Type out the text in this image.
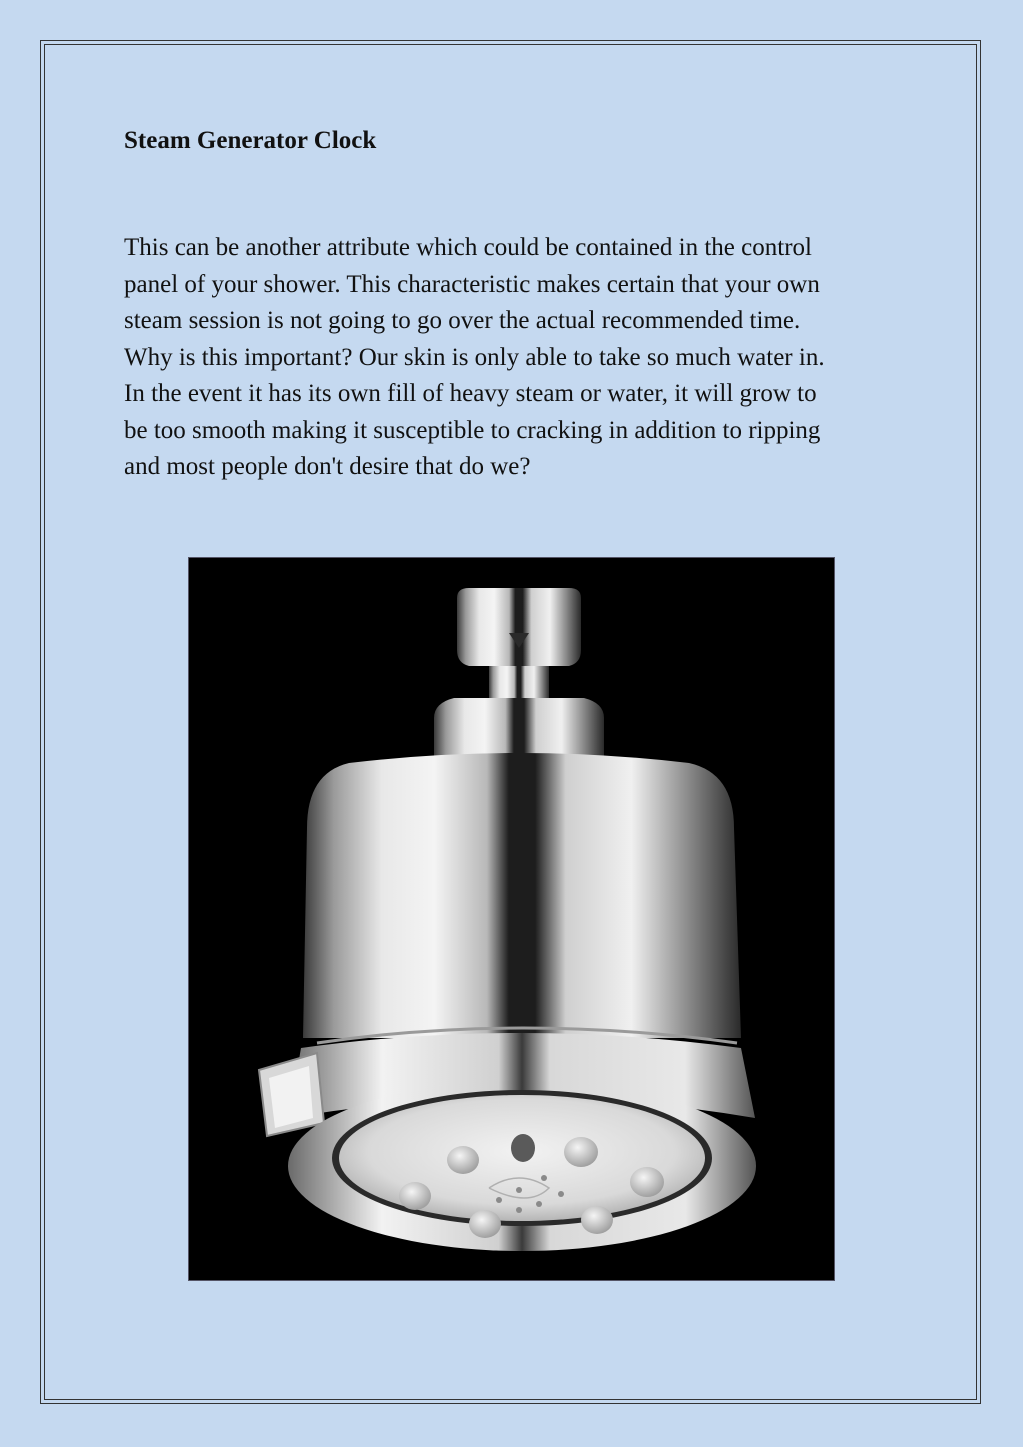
Steam Generator Clock

This can be another attribute which could be contained in the control
panel of your shower. This characteristic makes certain that your own
steam session is not going to go over the actual recommended time.
Why is this important? Our skin is only able to take so much water in.
In the event it has its own fill of heavy steam or water, it will grow to
be too smooth making it susceptible to cracking in addition to ripping
and most people don't desire that do we?
